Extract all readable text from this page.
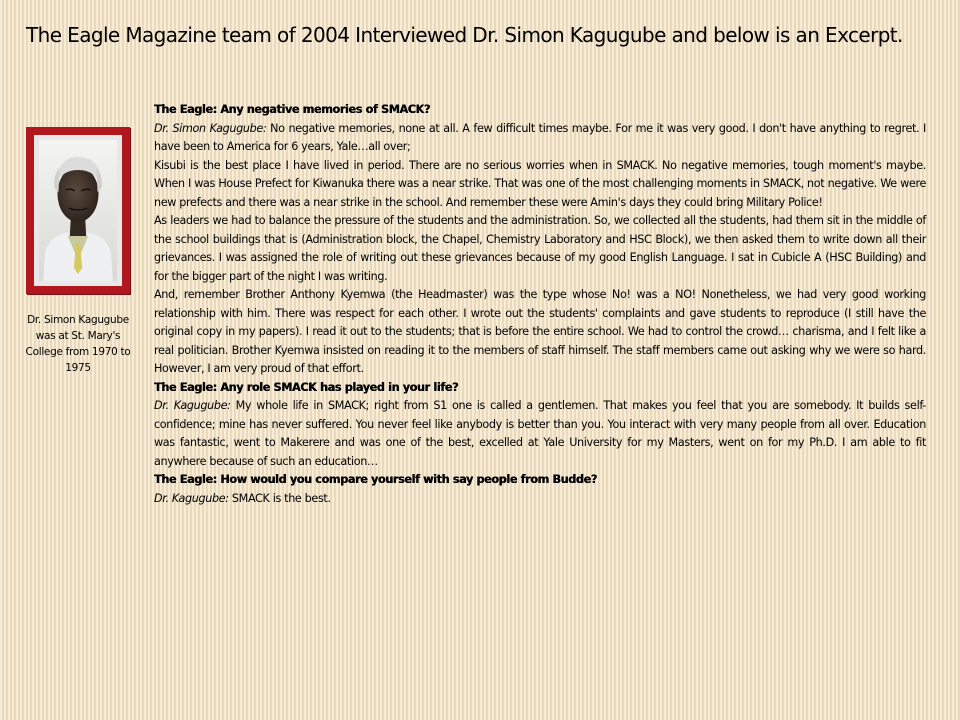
The Eagle Magazine team of 2004 Interviewed Dr. Simon Kagugube and below is an Excerpt.
Dr. Simon Kagugube was at St. Mary's College from 1970 to 1975

The Eagle: Any negative memories of SMACK?

Dr. Simon Kagugube: No negative memories, none at all. A few difficult times maybe. For me it was very good. I don't have anything to regret. I have been to America for 6 years, Yale…all over;

Kisubi is the best place I have lived in period. There are no serious worries when in SMACK. No negative memories, tough moment's maybe. When I was House Prefect for Kiwanuka there was a near strike. That was one of the most challenging moments in SMACK, not negative. We were new prefects and there was a near strike in the school. And remember these were Amin's days they could bring Military Police!

As leaders we had to balance the pressure of the students and the administration. So, we collected all the students, had them sit in the middle of the school buildings that is (Administration block, the Chapel, Chemistry Laboratory and HSC Block), we then asked them to write down all their grievances. I was assigned the role of writing out these grievances because of my good English Language. I sat in Cubicle A (HSC Building) and for the bigger part of the night I was writing.

And, remember Brother Anthony Kyemwa (the Headmaster) was the type whose No! was a NO! Nonetheless, we had very good working relationship with him. There was respect for each other. I wrote out the students' complaints and gave students to reproduce (I still have the original copy in my papers). I read it out to the students; that is before the entire school. We had to control the crowd… charisma, and I felt like a real politician. Brother Kyemwa insisted on reading it to the members of staff himself. The staff members came out asking why we were so hard. However, I am very proud of that effort.

The Eagle: Any role SMACK has played in your life?

Dr. Kagugube: My whole life in SMACK; right from S1 one is called a gentlemen. That makes you feel that you are somebody. It builds self-confidence; mine has never suffered. You never feel like anybody is better than you. You interact with very many people from all over. Education was fantastic, went to Makerere and was one of the best, excelled at Yale University for my Masters, went on for my Ph.D. I am able to fit anywhere because of such an education…

The Eagle: How would you compare yourself with say people from Budde?

Dr. Kagugube: SMACK is the best.
